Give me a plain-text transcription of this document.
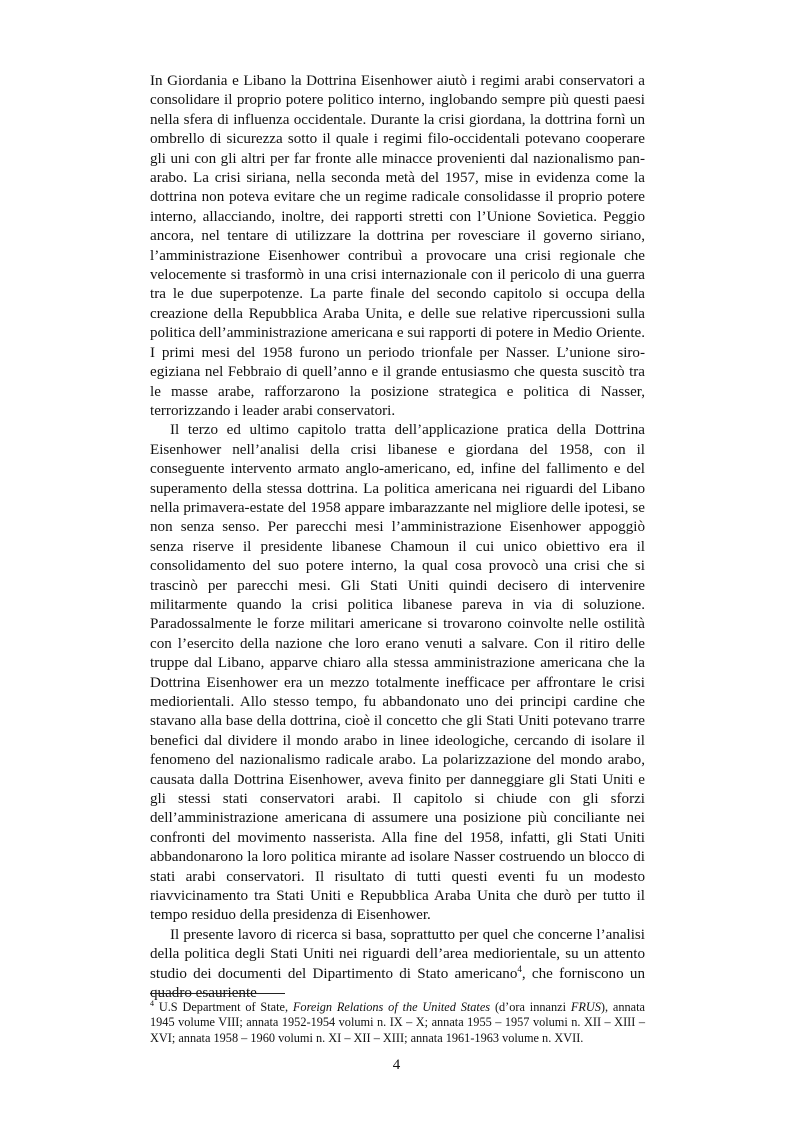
In Giordania e Libano la Dottrina Eisenhower aiutò i regimi arabi conservatori a consolidare il proprio potere politico interno, inglobando sempre più questi paesi nella sfera di influenza occidentale. Durante la crisi giordana, la dottrina fornì un ombrello di sicurezza sotto il quale i regimi filo-occidentali potevano cooperare gli uni con gli altri per far fronte alle minacce provenienti dal nazionalismo pan-arabo. La crisi siriana, nella seconda metà del 1957, mise in evidenza come la dottrina non poteva evitare che un regime radicale consolidasse il proprio potere interno, allacciando, inoltre, dei rapporti stretti con l’Unione Sovietica. Peggio ancora, nel tentare di utilizzare la dottrina per rovesciare il governo siriano, l’amministrazione Eisenhower contribuì a provocare una crisi regionale che velocemente si trasformò in una crisi internazionale con il pericolo di una guerra tra le due superpotenze. La parte finale del secondo capitolo si occupa della creazione della Repubblica Araba Unita, e delle sue relative ripercussioni sulla politica dell’amministrazione americana e sui rapporti di potere in Medio Oriente. I primi mesi del 1958 furono un periodo trionfale per Nasser. L’unione siro-egiziana nel Febbraio di quell’anno e il grande entusiasmo che questa suscitò tra le masse arabe, rafforzarono la posizione strategica e politica di Nasser, terrorizzando i leader arabi conservatori.

Il terzo ed ultimo capitolo tratta dell’applicazione pratica della Dottrina Eisenhower nell’analisi della crisi libanese e giordana del 1958, con il conseguente intervento armato anglo-americano, ed, infine del fallimento e del superamento della stessa dottrina. La politica americana nei riguardi del Libano nella primavera-estate del 1958 appare imbarazzante nel migliore delle ipotesi, se non senza senso. Per parecchi mesi l’amministrazione Eisenhower appoggiò senza riserve il presidente libanese Chamoun il cui unico obiettivo era il consolidamento del suo potere interno, la qual cosa provocò una crisi che si trascinò per parecchi mesi. Gli Stati Uniti quindi decisero di intervenire militarmente quando la crisi politica libanese pareva in via di soluzione. Paradossalmente le forze militari americane si trovarono coinvolte nelle ostilità con l’esercito della nazione che loro erano venuti a salvare. Con il ritiro delle truppe dal Libano, apparve chiaro alla stessa amministrazione americana che la Dottrina Eisenhower era un mezzo totalmente inefficace per affrontare le crisi mediorientali. Allo stesso tempo, fu abbandonato uno dei principi cardine che stavano alla base della dottrina, cioè il concetto che gli Stati Uniti potevano trarre benefici dal dividere il mondo arabo in linee ideologiche, cercando di isolare il fenomeno del nazionalismo radicale arabo. La polarizzazione del mondo arabo, causata dalla Dottrina Eisenhower, aveva finito per danneggiare gli Stati Uniti e gli stessi stati conservatori arabi. Il capitolo si chiude con gli sforzi dell’amministrazione americana di assumere una posizione più conciliante nei confronti del movimento nasserista. Alla fine del 1958, infatti, gli Stati Uniti abbandonarono la loro politica mirante ad isolare Nasser costruendo un blocco di stati arabi conservatori. Il risultato di tutti questi eventi fu un modesto riavvicinamento tra Stati Uniti e Repubblica Araba Unita che durò per tutto il tempo residuo della presidenza di Eisenhower.

Il presente lavoro di ricerca si basa, soprattutto per quel che concerne l’analisi della politica degli Stati Uniti nei riguardi dell’area mediorientale, su un attento studio dei documenti del Dipartimento di Stato americano$^4$, che forniscono un quadro esauriente

$^4$ U.S Department of State, Foreign Relations of the United States (d’ora innanzi FRUS), annata 1945 volume VIII; annata 1952-1954 volumi n. IX – X; annata 1955 – 1957 volumi n. XII – XIII – XVI; annata 1958 – 1960 volumi n. XI – XII – XIII; annata 1961-1963 volume n. XVII.
4
